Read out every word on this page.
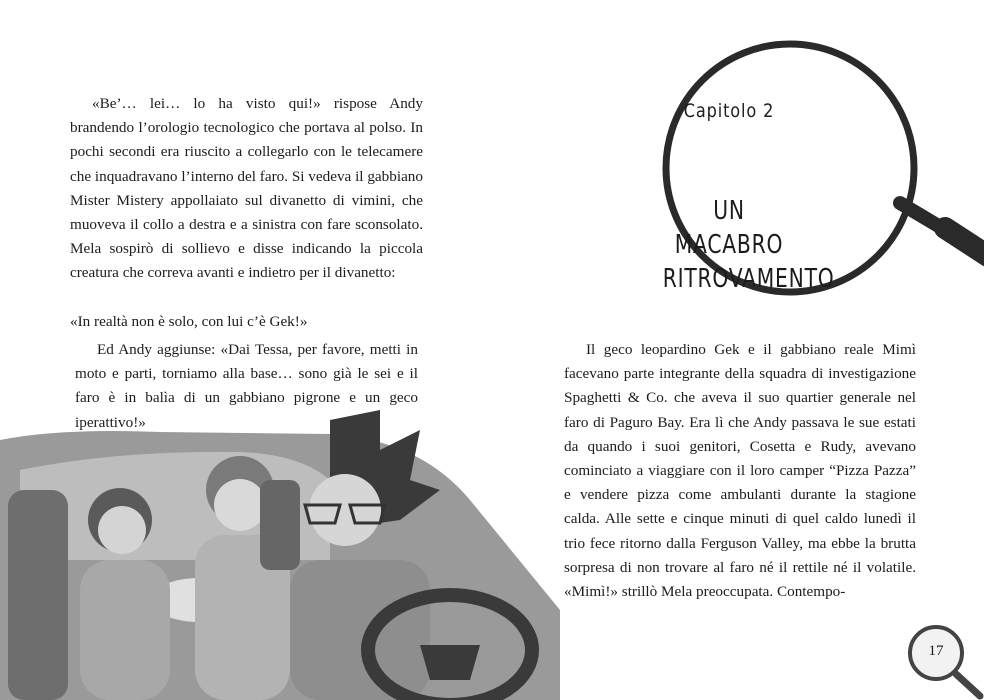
«Be’… lei… lo ha visto qui!» rispose Andy brandendo l’orologio tecnologico che portava al polso. In pochi secondi era riuscito a collegarlo con le telecamere che inquadravano l’interno del faro. Si vedeva il gabbiano Mister Mistery appollaiato sul divanetto di vimini, che muoveva il collo a destra e a sinistra con fare sconsolato. Mela sospirò di sollievo e disse indicando la piccola creatura che correva avanti e indietro per il divanetto:

«In realtà non è solo, con lui c’è Gek!»

Ed Andy aggiunse: «Dai Tessa, per favore, metti in moto e parti, torniamo alla base… sono già le sei e il faro è in balìa di un gabbiano pigrone e un geco iperattivo!»

Capitolo 2
UN MACABRO RITROVAMENTO

Il geco leopardino Gek e il gabbiano reale Mimì facevano parte integrante della squadra di investigazione Spaghetti & Co. che aveva il suo quartier generale nel faro di Paguro Bay. Era lì che Andy passava le sue estati da quando i suoi genitori, Cosetta e Rudy, avevano cominciato a viaggiare con il loro camper “Pizza Pazza” e vendere pizza come ambulanti durante la stagione calda. Alle sette e cinque minuti di quel caldo lunedì il trio fece ritorno dalla Ferguson Valley, ma ebbe la brutta sorpresa di non trovare al faro né il rettile né il volatile. «Mimì!» strillò Mela preoccupata. Contempo-

17
